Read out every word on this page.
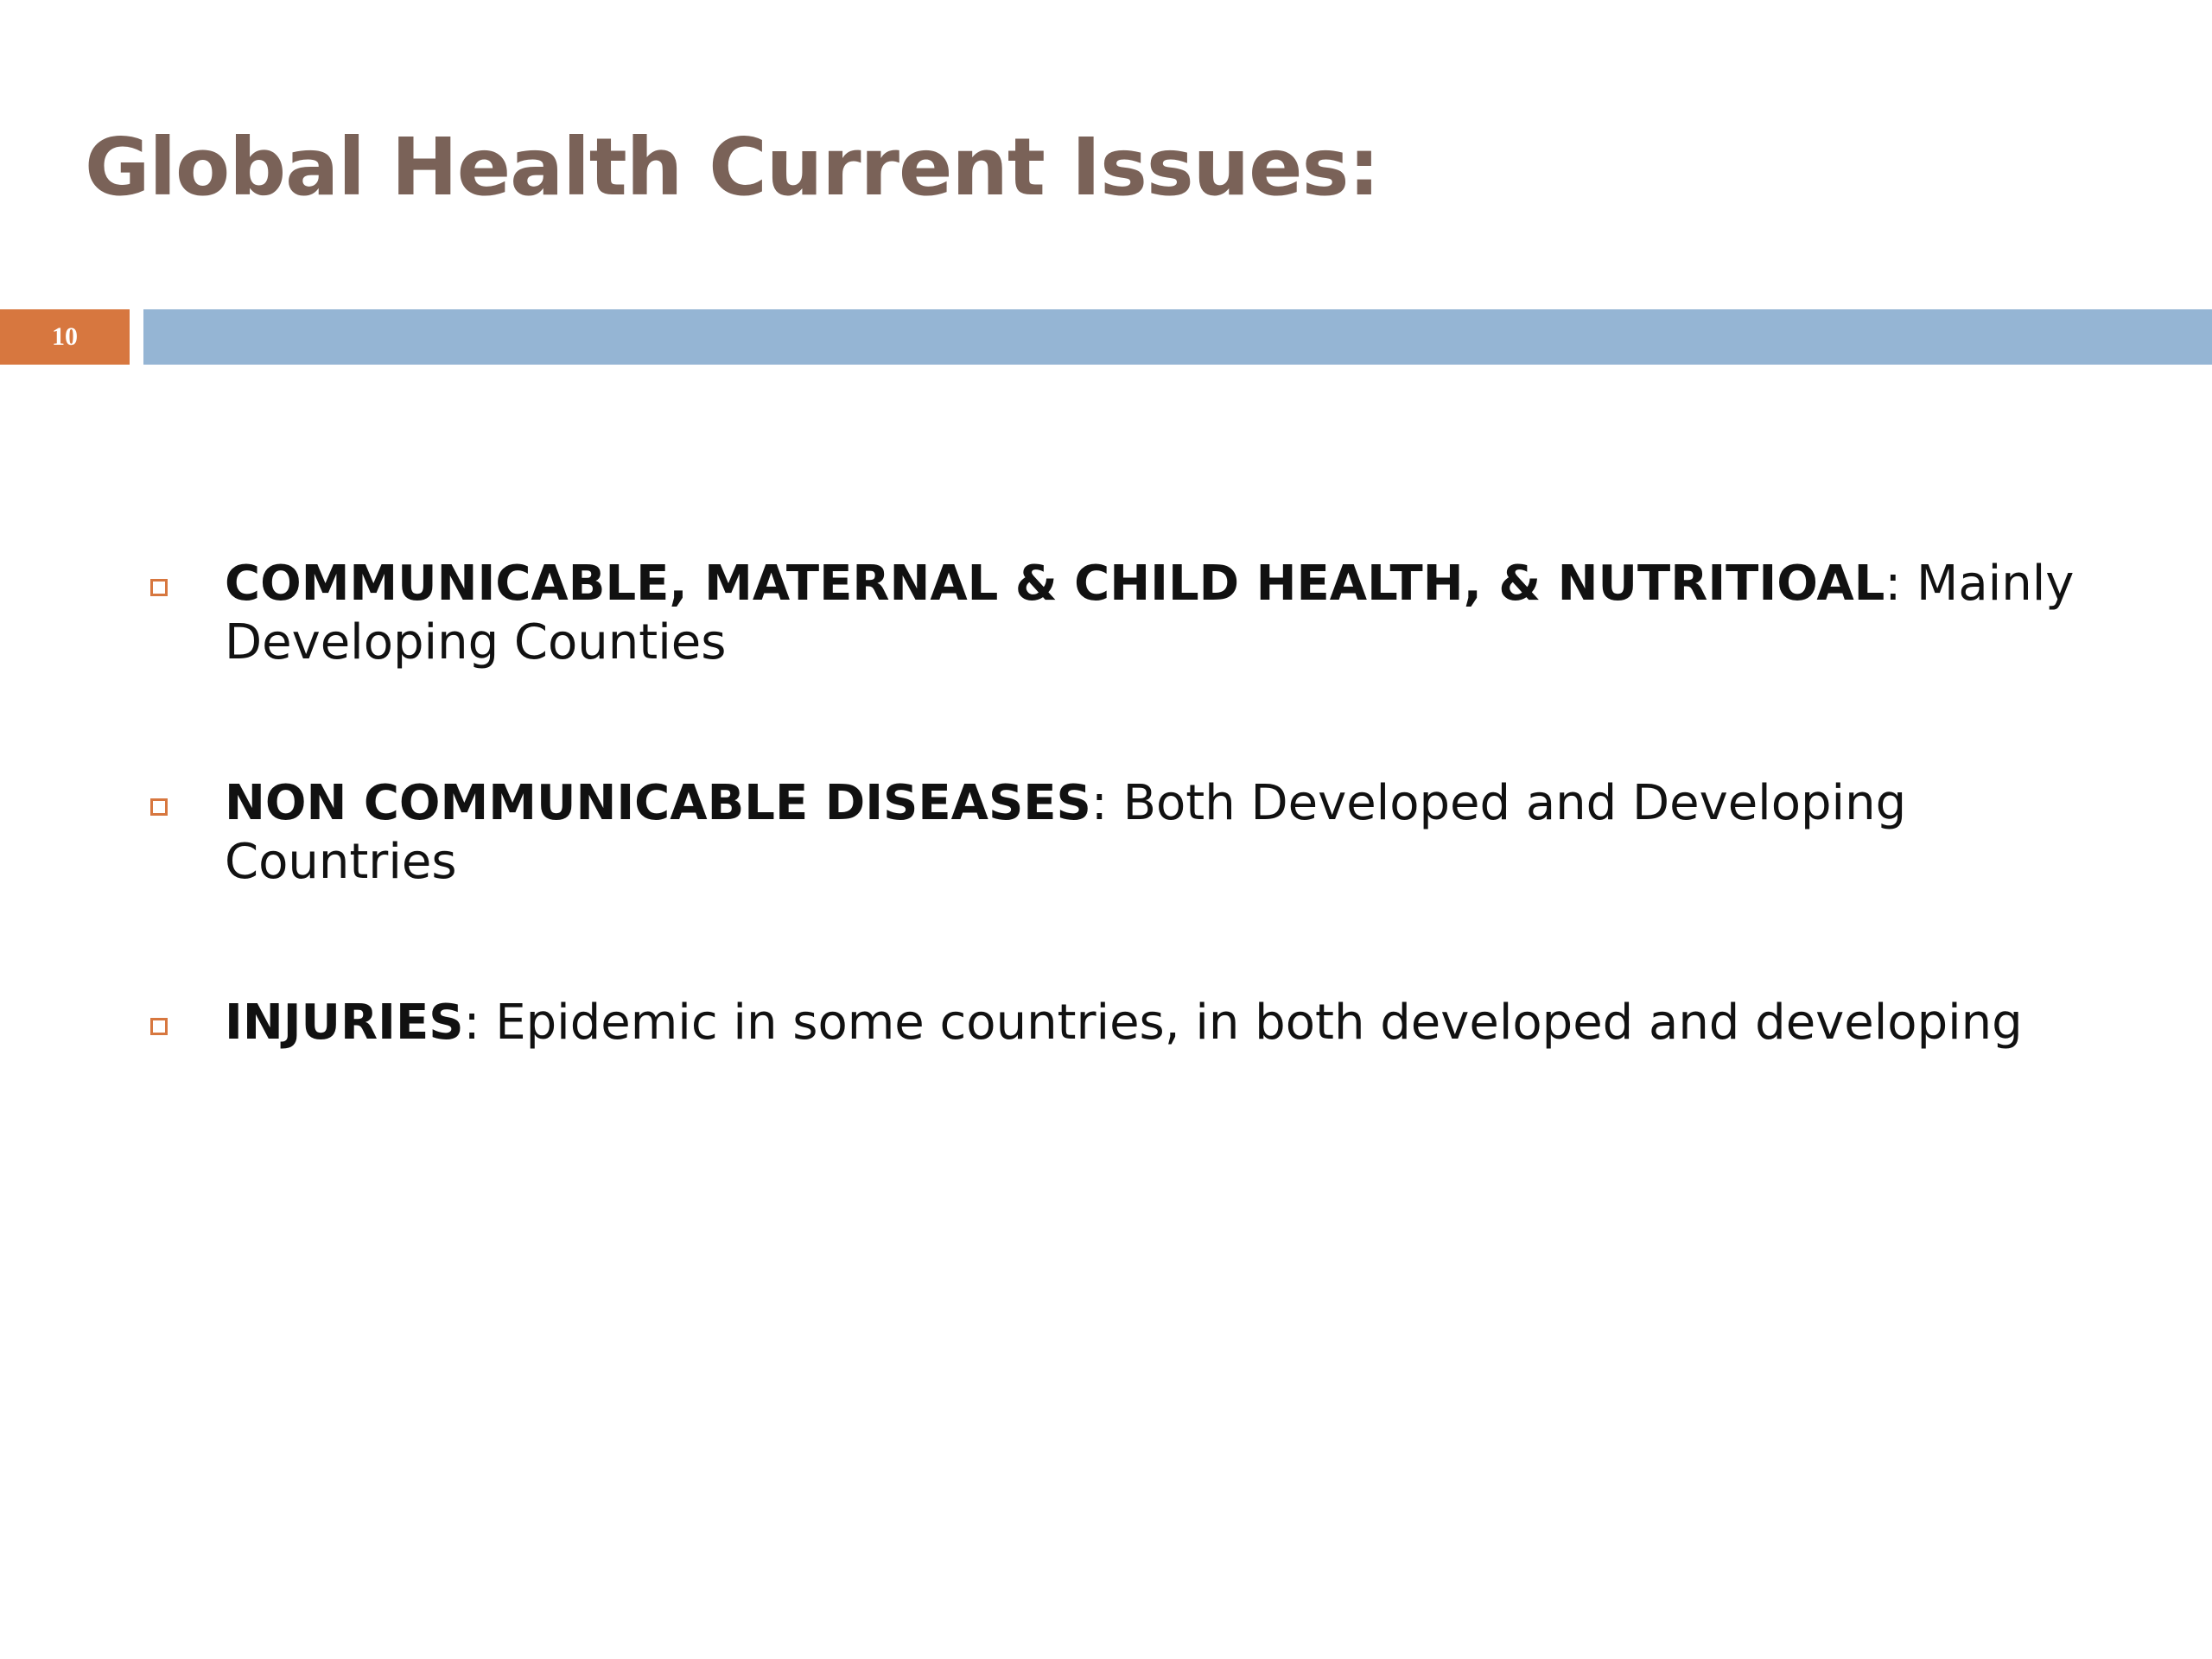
Global Health Current Issues:
10
COMMUNICABLE, MATERNAL & CHILD HEALTH, & NUTRITIOAL: Mainly Developing Counties
NON COMMUNICABLE DISEASES: Both Developed and Developing Countries
INJURIES: Epidemic in some countries, in both developed and developing
